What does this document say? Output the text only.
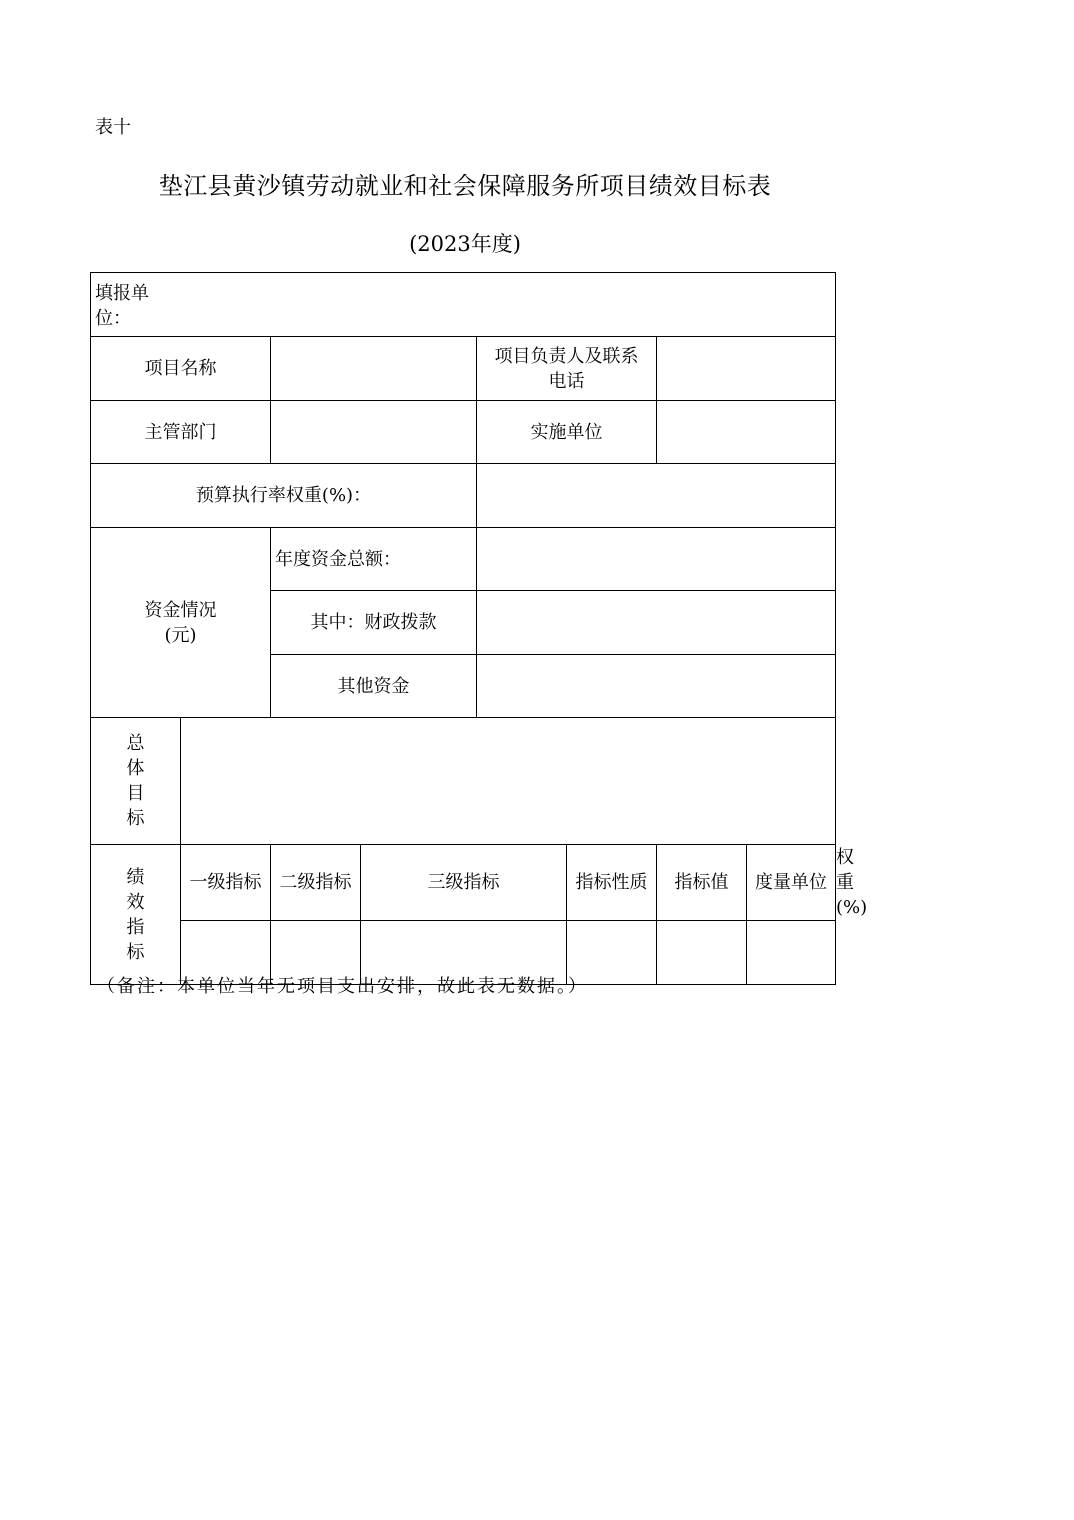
表十
垫江县黄沙镇劳动就业和社会保障服务所项目绩效目标表
(2023年度)
填报单
位：								

项目名称				项目负责人及联系
电话				
主管部门				实施单位				
预算执行率权重(%)：								
资金情况
(元)		年度资金总额：						
		其中：财政拨款						
		其他资金						

总
体
目
标								

绩
效
指
标	一级指标	二级指标	三级指标		指标性质	指标值	度量单位	权重
(%)

（备注：本单位当年无项目支出安排，故此表无数据。）
